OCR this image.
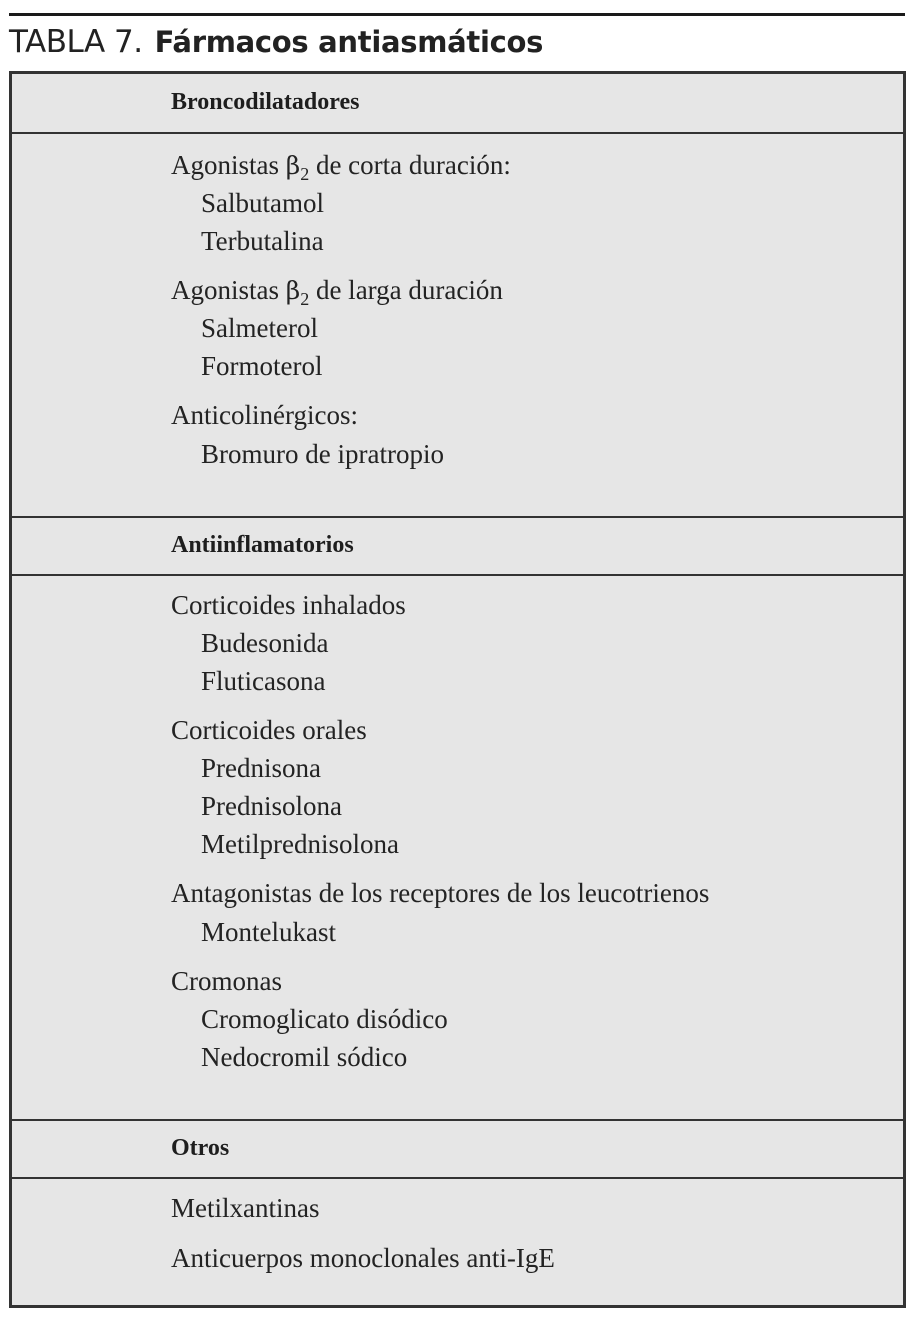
TABLA 7. Fármacos antiasmáticos
Broncodilatadores
Agonistas $\beta_2$ de corta duración:
Salbutamol
Terbutalina
Agonistas $\beta_2$ de larga duración
Salmeterol
Formoterol
Anticolinérgicos:
Bromuro de ipratropio
Antiinflamatorios
Corticoides inhalados
Budesonida
Fluticasona
Corticoides orales
Prednisona
Prednisolona
Metilprednisolona
Antagonistas de los receptores de los leucotrienos
Montelukast
Cromonas
Cromoglicato disódico
Nedocromil sódico
Otros
Metilxantinas
Anticuerpos monoclonales anti-IgE
